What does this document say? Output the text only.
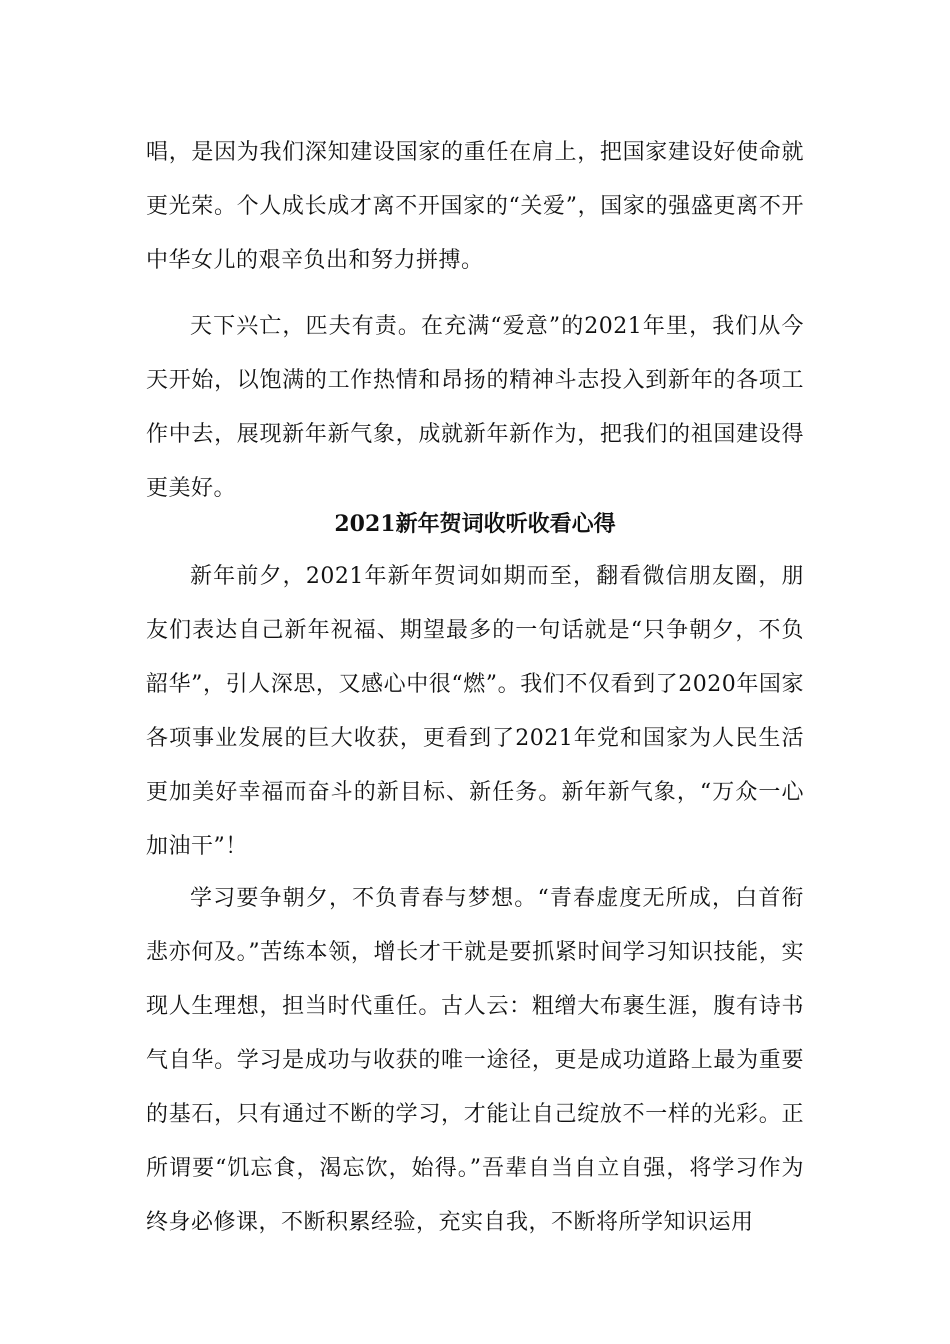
唱，是因为我们深知建设国家的重任在肩上，把国家建设好使命就更光荣。个人成长成才离不开国家的“关爱”，国家的强盛更离不开中华女儿的艰辛负出和努力拼搏。

天下兴亡，匹夫有责。在充满“爱意”的2021年里，我们从今天开始，以饱满的工作热情和昂扬的精神斗志投入到新年的各项工作中去，展现新年新气象，成就新年新作为，把我们的祖国建设得更美好。

2021新年贺词收听收看心得

新年前夕，2021年新年贺词如期而至，翻看微信朋友圈，朋友们表达自己新年祝福、期望最多的一句话就是“只争朝夕，不负韶华”，引人深思，又感心中很“燃”。我们不仅看到了2020年国家各项事业发展的巨大收获，更看到了2021年党和国家为人民生活更加美好幸福而奋斗的新目标、新任务。新年新气象，“万众一心加油干”！

学习要争朝夕，不负青春与梦想。“青春虚度无所成，白首衔悲亦何及。”苦练本领，增长才干就是要抓紧时间学习知识技能，实现人生理想，担当时代重任。古人云：粗缯大布裹生涯，腹有诗书气自华。学习是成功与收获的唯一途径，更是成功道路上最为重要的基石，只有通过不断的学习，才能让自己绽放不一样的光彩。正所谓要“饥忘食，渴忘饮，始得。”吾辈自当自立自强，将学习作为终身必修课，不断积累经验，充实自我，不断将所学知识运用
